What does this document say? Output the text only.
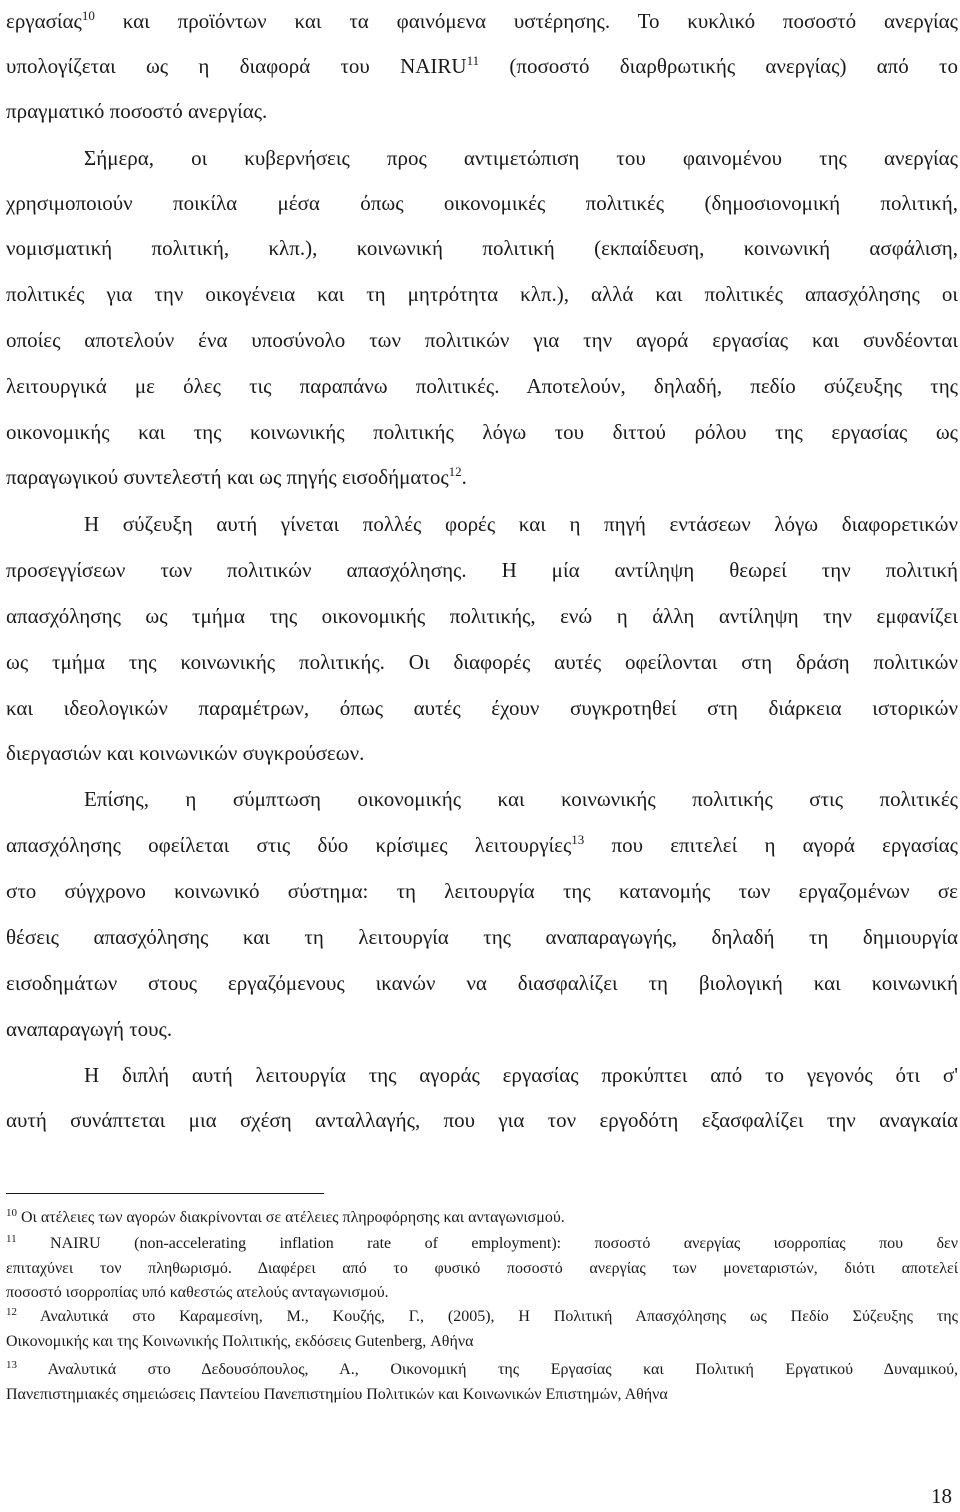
εργασίας$^{10}$ και προϊόντων και τα φαινόμενα υστέρησης. Το κυκλικό ποσοστό ανεργίας
υπολογίζεται ως η διαφορά του NAIRU$^{11}$ (ποσοστό διαρθρωτικής ανεργίας) από το
πραγματικό ποσοστό ανεργίας.
Σήμερα, οι κυβερνήσεις προς αντιμετώπιση του φαινομένου της ανεργίας
χρησιμοποιούν ποικίλα μέσα όπως οικονομικές πολιτικές (δημοσιονομική πολιτική,
νομισματική πολιτική, κλπ.), κοινωνική πολιτική (εκπαίδευση, κοινωνική ασφάλιση,
πολιτικές για την οικογένεια και τη μητρότητα κλπ.), αλλά και πολιτικές απασχόλησης οι
οποίες αποτελούν ένα υποσύνολο των πολιτικών για την αγορά εργασίας και συνδέονται
λειτουργικά με όλες τις παραπάνω πολιτικές. Αποτελούν, δηλαδή, πεδίο σύζευξης της
οικονομικής και της κοινωνικής πολιτικής λόγω του διττού ρόλου της εργασίας ως
παραγωγικού συντελεστή και ως πηγής εισοδήματος$^{12}$.
Η σύζευξη αυτή γίνεται πολλές φορές και η πηγή εντάσεων λόγω διαφορετικών
προσεγγίσεων των πολιτικών απασχόλησης. Η μία αντίληψη θεωρεί την πολιτική
απασχόλησης ως τμήμα της οικονομικής πολιτικής, ενώ η άλλη αντίληψη την εμφανίζει
ως τμήμα της κοινωνικής πολιτικής. Οι διαφορές αυτές οφείλονται στη δράση πολιτικών
και ιδεολογικών παραμέτρων, όπως αυτές έχουν συγκροτηθεί στη διάρκεια ιστορικών
διεργασιών και κοινωνικών συγκρούσεων.
Επίσης, η σύμπτωση οικονομικής και κοινωνικής πολιτικής στις πολιτικές
απασχόλησης οφείλεται στις δύο κρίσιμες λειτουργίες$^{13}$ που επιτελεί η αγορά εργασίας
στο σύγχρονο κοινωνικό σύστημα: τη λειτουργία της κατανομής των εργαζομένων σε
θέσεις απασχόλησης και τη λειτουργία της αναπαραγωγής, δηλαδή τη δημιουργία
εισοδημάτων στους εργαζόμενους ικανών να διασφαλίζει τη βιολογική και κοινωνική
αναπαραγωγή τους.
Η διπλή αυτή λειτουργία της αγοράς εργασίας προκύπτει από το γεγονός ότι σ'
αυτή συνάπτεται μια σχέση ανταλλαγής, που για τον εργοδότη εξασφαλίζει την αναγκαία
$^{10}$ Οι ατέλειες των αγορών διακρίνονται σε ατέλειες πληροφόρησης και ανταγωνισμού.
$^{11}$ NAIRU (non-accelerating inflation rate of employment): ποσοστό ανεργίας ισορροπίας που δεν
επιταχύνει τον πληθωρισμό. Διαφέρει από το φυσικό ποσοστό ανεργίας των μονεταριστών, διότι αποτελεί
ποσοστό ισορροπίας υπό καθεστώς ατελούς ανταγωνισμού.
$^{12}$ Αναλυτικά στο Καραμεσίνη, Μ., Κουζής, Γ., (2005), Η Πολιτική Απασχόλησης ως Πεδίο Σύζευξης της
Οικονομικής και της Κοινωνικής Πολιτικής, εκδόσεις Gutenberg, Αθήνα
$^{13}$ Αναλυτικά στο Δεδουσόπουλος, Α., Οικονομική της Εργασίας και Πολιτική Εργατικού Δυναμικού,
Πανεπιστημιακές σημειώσεις Παντείου Πανεπιστημίου Πολιτικών και Κοινωνικών Επιστημών, Αθήνα
18
